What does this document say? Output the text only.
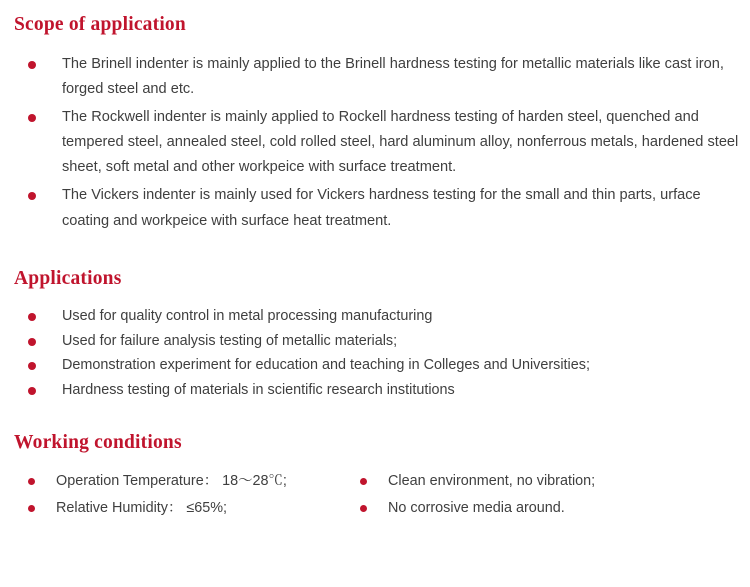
Scope of application
The Brinell indenter is mainly applied to the Brinell hardness testing for metallic materials like cast iron, forged steel and etc.
The Rockwell indenter is mainly applied to Rockell hardness testing of harden steel, quenched and tempered steel, annealed steel, cold rolled steel, hard aluminum alloy, nonferrous metals, hardened steel sheet, soft metal and other workpeice with surface treatment.
The Vickers indenter is mainly used for Vickers hardness testing for the small and thin parts, urface coating and workpeice with surface heat treatment.
Applications
Used for quality control in metal processing manufacturing
Used for failure analysis testing of metallic materials;
Demonstration experiment for education and teaching in Colleges and Universities;
Hardness testing of materials in scientific research institutions
Working conditions
Operation Temperature： 18～28℃;
Relative Humidity： ≤65%;
Clean environment, no vibration;
No corrosive media around.
